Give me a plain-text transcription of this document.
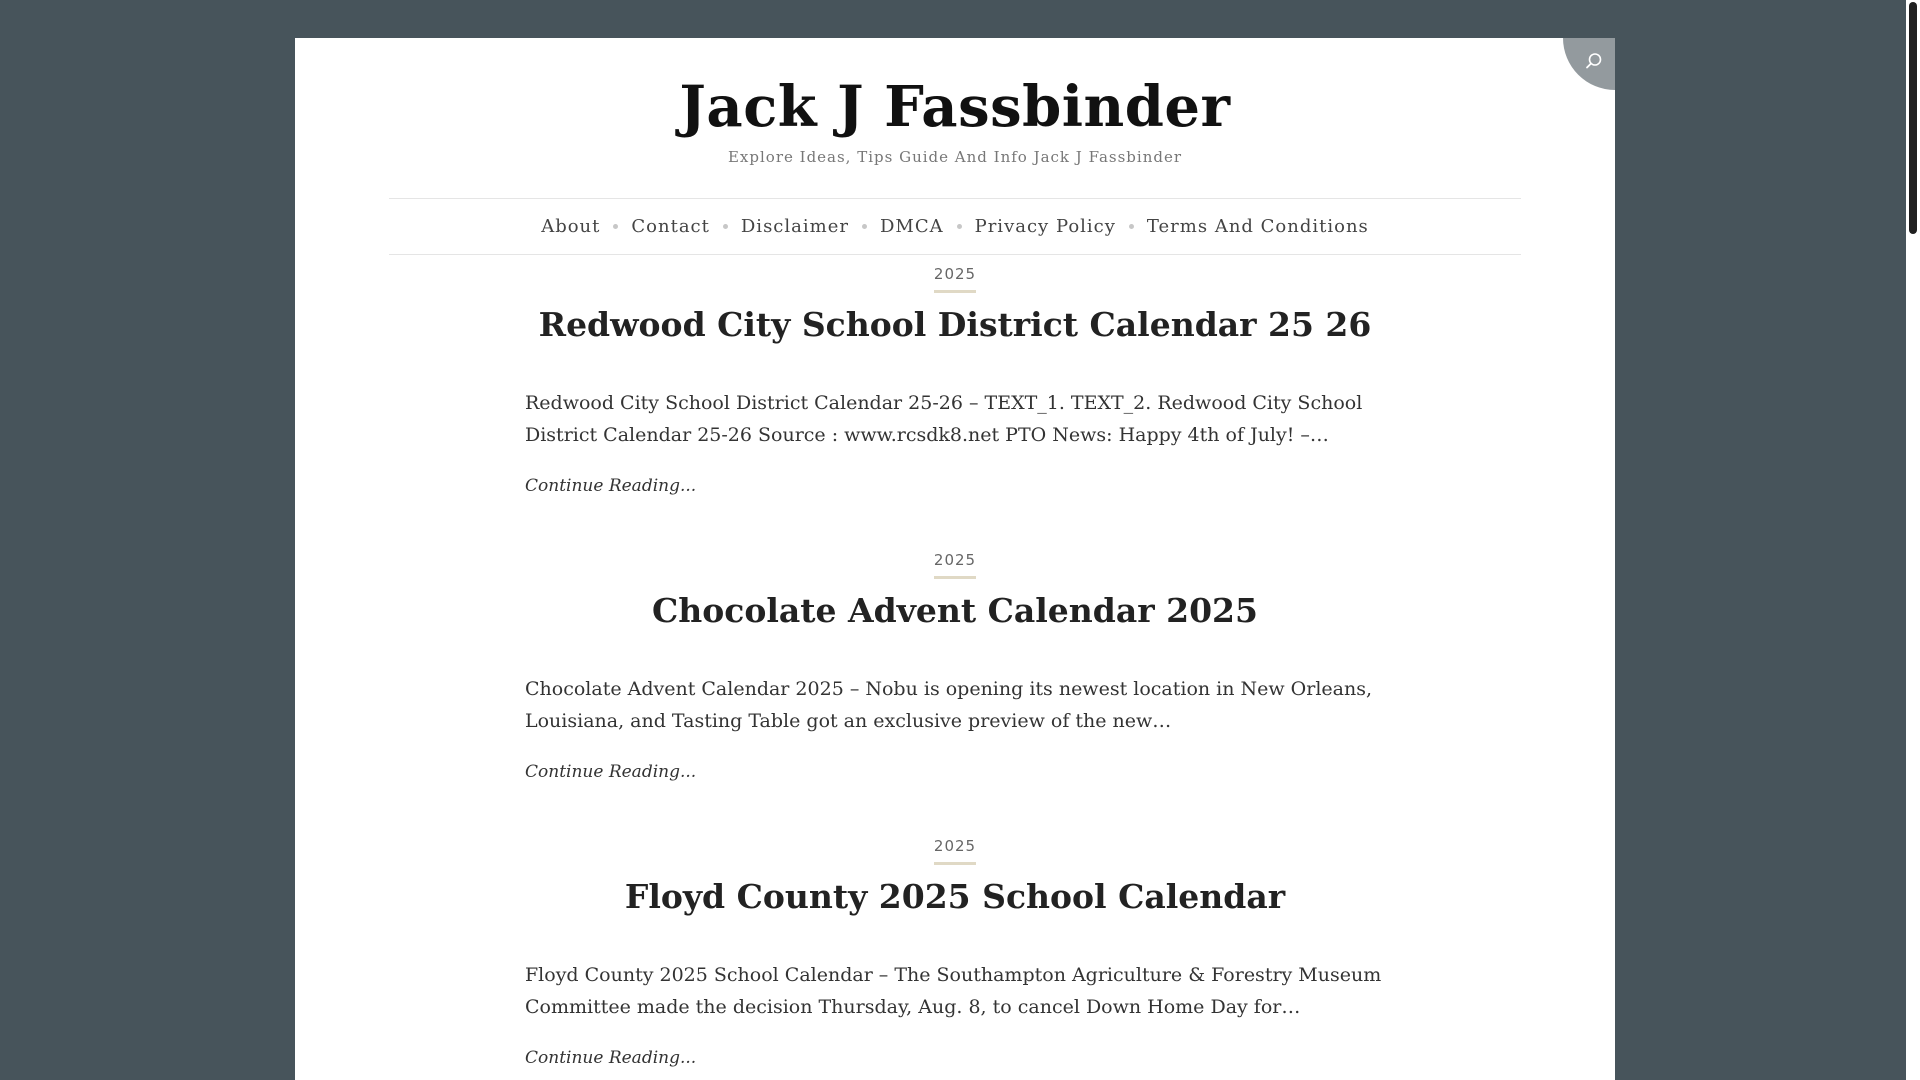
Jack J Fassbinder
Explore Ideas, Tips Guide And Info Jack J Fassbinder
About Contact Disclaimer DMCA Privacy Policy Terms And Conditions
2025
Redwood City School District Calendar 25 26

Redwood City School District Calendar 25-26 – TEXT_1. TEXT_2. Redwood City School District Calendar 25-26 Source : www.rcsdk8.net PTO News: Happy 4th of July! –…

Continue Reading...
2025
Chocolate Advent Calendar 2025

Chocolate Advent Calendar 2025 – Nobu is opening its newest location in New Orleans, Louisiana, and Tasting Table got an exclusive preview of the new…

Continue Reading...
2025
Floyd County 2025 School Calendar

Floyd County 2025 School Calendar – The Southampton Agriculture & Forestry Museum Committee made the decision Thursday, Aug. 8, to cancel Down Home Day for…

Continue Reading...
